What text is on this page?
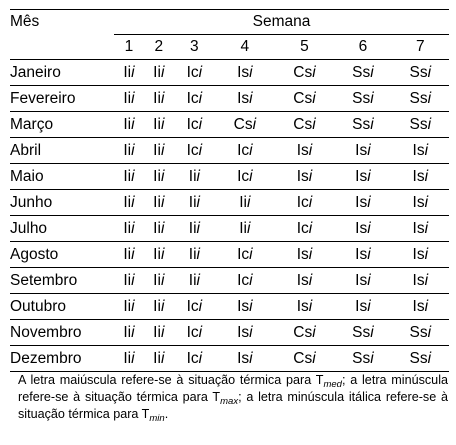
Mês	Semana						
	1	2	3	4	5	6	7
Janeiro	Iii	Iii	Ici	Isi	Csi	Ssi	Ssi
Fevereiro	Iii	Iii	Ici	Isi	Csi	Ssi	Ssi
Março	Iii	Iii	Ici	Csi	Csi	Ssi	Ssi
Abril	Iii	Iii	Ici	Ici	Isi	Isi	Isi
Maio	Iii	Iii	Iii	Ici	Isi	Isi	Isi
Junho	Iii	Iii	Iii	Iii	Ici	Isi	Isi
Julho	Iii	Iii	Iii	Iii	Ici	Isi	Isi
Agosto	Iii	Iii	Iii	Ici	Isi	Isi	Isi
Setembro	Iii	Iii	Iii	Ici	Isi	Isi	Isi
Outubro	Iii	Iii	Ici	Isi	Isi	Isi	Isi
Novembro	Iii	Iii	Ici	Isi	Csi	Ssi	Ssi
Dezembro	Iii	Iii	Ici	Isi	Csi	Ssi	Ssi
A letra maiúscula refere-se à situação térmica para $T_{med}$; a letra minúscula refere-se à situação térmica para $T_{max}$; a letra minúscula itálica refere-se à situação térmica para $T_{min}$.
